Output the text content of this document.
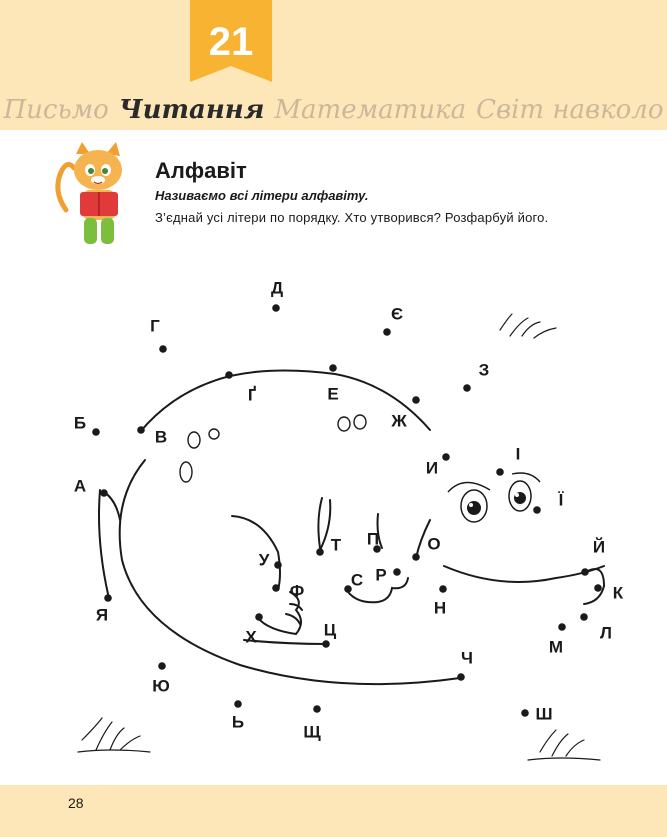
21
Письмо Читання Математика Світ навколо
Алфавіт
Називаємо всі літери алфавіту.
З’єднай усі літери по порядку. Хто утворився? Розфарбуй його.
А
Б
В
Г
Ґ
Д
Е
Є
Ж
З
И
І
Ї
Й
К
Л
М
Н
О
П
Р
С
Т
У
Ф
Х	Ц
Ч
Ш
Щ
Ь
Ю
Я
28
